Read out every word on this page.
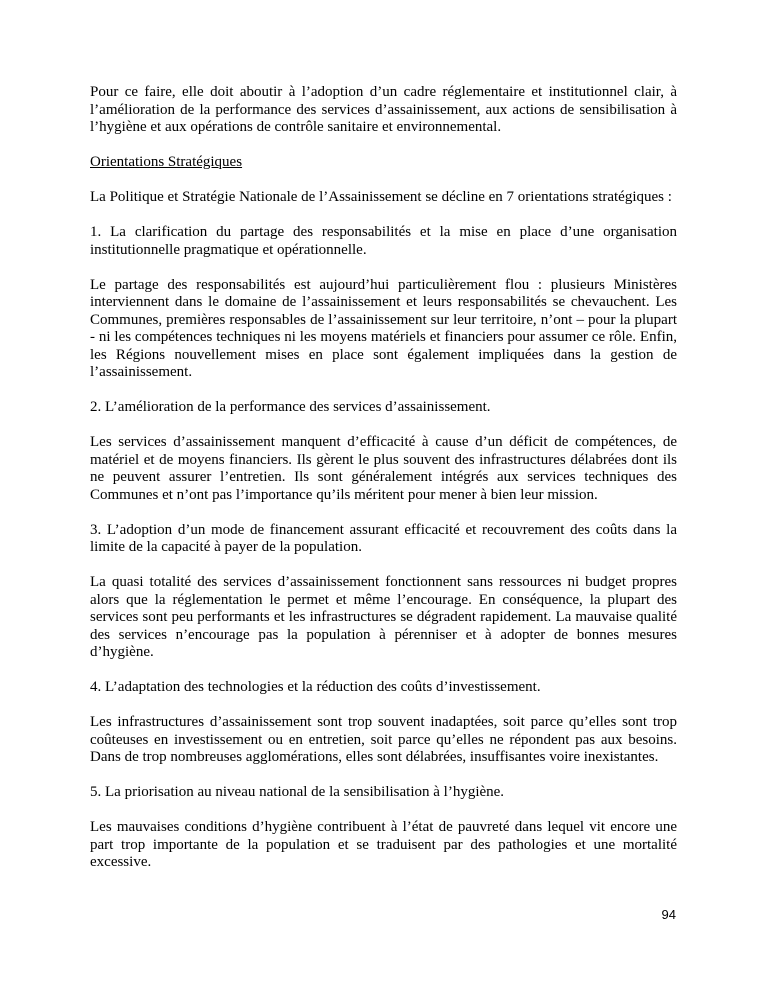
Pour ce faire, elle doit aboutir à l’adoption d’un cadre réglementaire et institutionnel clair, à l’amélioration de la performance des services d’assainissement, aux actions de sensibilisation à l’hygiène et aux opérations de contrôle sanitaire et environnemental.

Orientations Stratégiques

La Politique et Stratégie Nationale de l’Assainissement se décline en 7 orientations stratégiques :

1. La clarification du partage des responsabilités et la mise en place d’une organisation institutionnelle pragmatique et opérationnelle.

Le partage des responsabilités est aujourd’hui particulièrement flou : plusieurs Ministères interviennent dans le domaine de l’assainissement et leurs responsabilités se chevauchent. Les Communes, premières responsables de l’assainissement sur leur territoire, n’ont – pour la plupart - ni les compétences techniques ni les moyens matériels et financiers pour assumer ce rôle. Enfin, les Régions nouvellement mises en place sont également impliquées dans la gestion de l’assainissement.

2. L’amélioration de la performance des services d’assainissement.

Les services d’assainissement manquent d’efficacité à cause d’un déficit de compétences, de matériel et de moyens financiers. Ils gèrent le plus souvent des infrastructures délabrées dont ils ne peuvent assurer l’entretien. Ils sont généralement intégrés aux services techniques des Communes et n’ont pas l’importance qu’ils méritent pour mener à bien leur mission.

3. L’adoption d’un mode de financement assurant efficacité et recouvrement des coûts dans la limite de la capacité à payer de la population.

La quasi totalité des services d’assainissement fonctionnent sans ressources ni budget propres alors que la réglementation le permet et même l’encourage. En conséquence, la plupart des services sont peu performants et les infrastructures se dégradent rapidement. La mauvaise qualité des services n’encourage pas la population à pérenniser et à adopter de bonnes mesures d’hygiène.

4. L’adaptation des technologies et la réduction des coûts d’investissement.

Les infrastructures d’assainissement sont trop souvent inadaptées, soit parce qu’elles sont trop coûteuses en investissement ou en entretien, soit parce qu’elles ne répondent pas aux besoins. Dans de trop nombreuses agglomérations, elles sont délabrées, insuffisantes voire inexistantes.

5. La priorisation au niveau national de la sensibilisation à l’hygiène.

Les mauvaises conditions d’hygiène contribuent à l’état de pauvreté dans lequel vit encore une part trop importante de la population et se traduisent par des pathologies et une mortalité excessive.

94
